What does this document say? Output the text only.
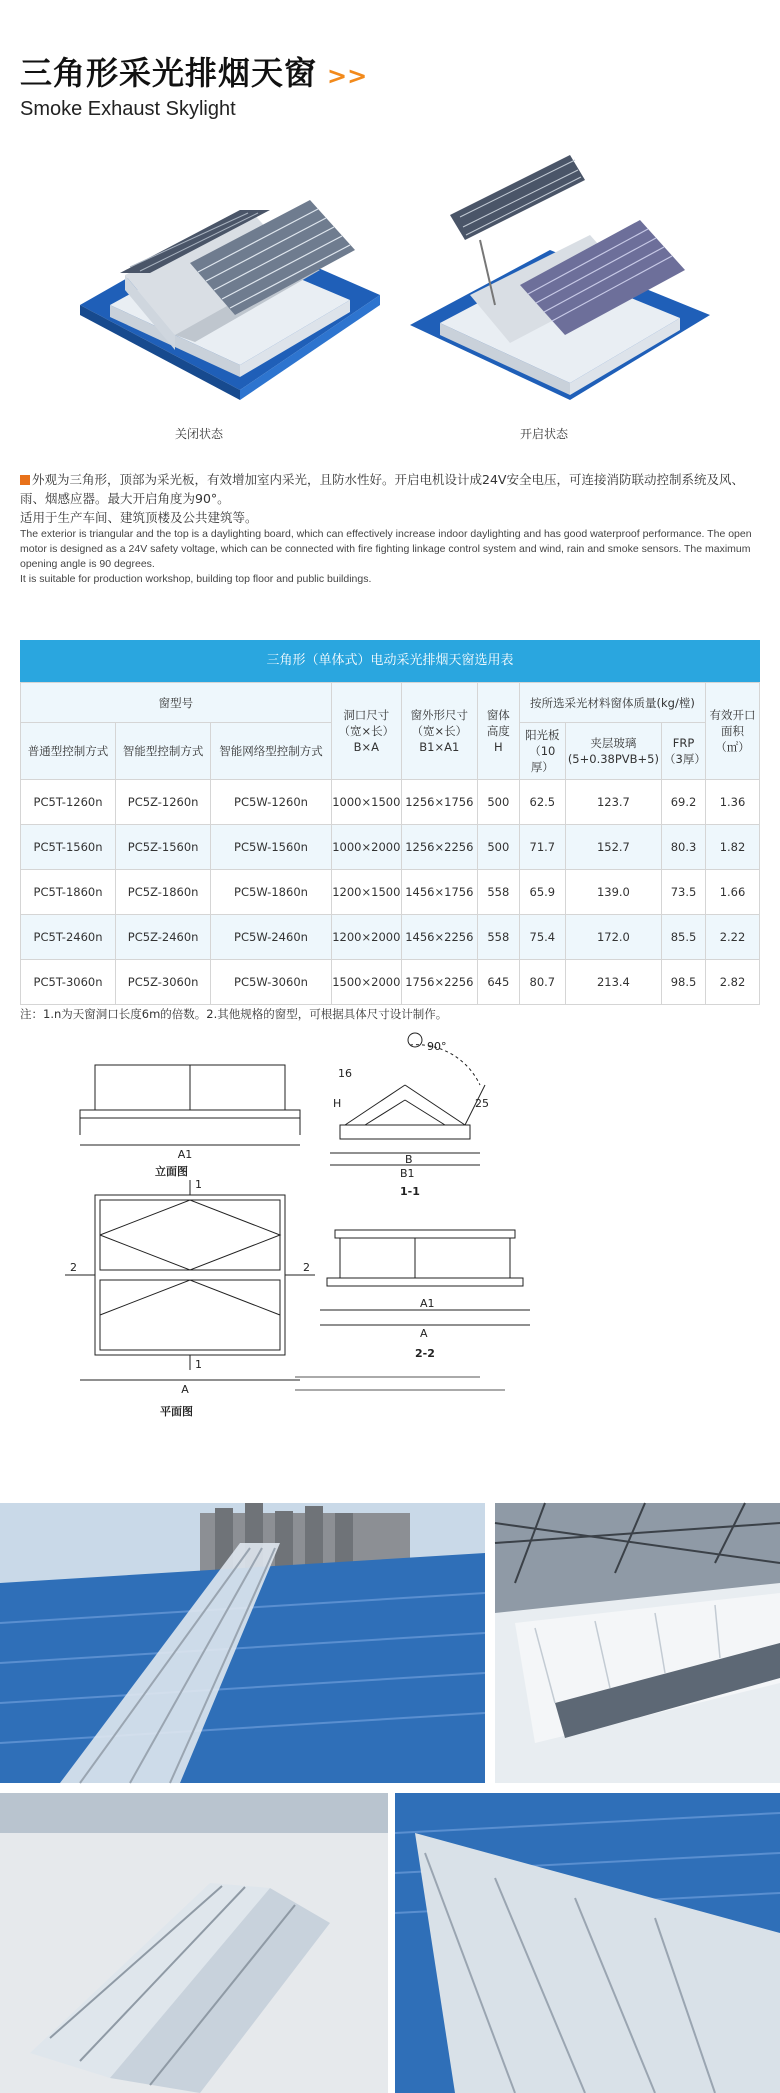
三角形采光排烟天窗 >>
Smoke Exhaust Skylight
关闭状态	开启状态
外观为三角形，顶部为采光板，有效增加室内采光，且防水性好。开启电机设计成24V安全电压，可连接消防联动控制系统及风、雨、烟感应器。最大开启角度为90°。
适用于生产车间、建筑顶楼及公共建筑等。
The exterior is triangular and the top is a daylighting board, which can effectively increase indoor daylighting and has good waterproof performance. The open motor is designed as a 24V safety voltage, which can be connected with fire fighting linkage control system and wind, rain and smoke sensors. The maximum opening angle is 90 degrees.
It is suitable for production workshop, building top floor and public buildings.
三角形（单体式）电动采光排烟天窗选用表
窗型号			洞口尺寸
（宽×长）
B×A	窗外形尺寸
（宽×长）
B1×A1	窗体
高度
H	按所选采光材料窗体质量(kg/樘)			有效开口
面积
（㎡）
普通型控制方式	智能型控制方式	智能网络型控制方式				阳光板
（10厚）	夹层玻璃
(5+0.38PVB+5)	FRP
（3厚）	
PC5T-1260n	PC5Z-1260n	PC5W-1260n	1000×1500	1256×1756	500	62.5	123.7	69.2	1.36
PC5T-1560n	PC5Z-1560n	PC5W-1560n	1000×2000	1256×2256	500	71.7	152.7	80.3	1.82
PC5T-1860n	PC5Z-1860n	PC5W-1860n	1200×1500	1456×1756	558	65.9	139.0	73.5	1.66
PC5T-2460n	PC5Z-2460n	PC5W-2460n	1200×2000	1456×2256	558	75.4	172.0	85.5	2.22
PC5T-3060n	PC5Z-3060n	PC5W-3060n	1500×2000	1756×2256	645	80.7	213.4	98.5	2.82
注：1.n为天窗洞口长度6m的倍数。2.其他规格的窗型，可根据具体尺寸设计制作。
A1
立面图
1
1
2	2
A
平面图
B
B1
1-1
90°
H	25
16
A1
A
2-2
